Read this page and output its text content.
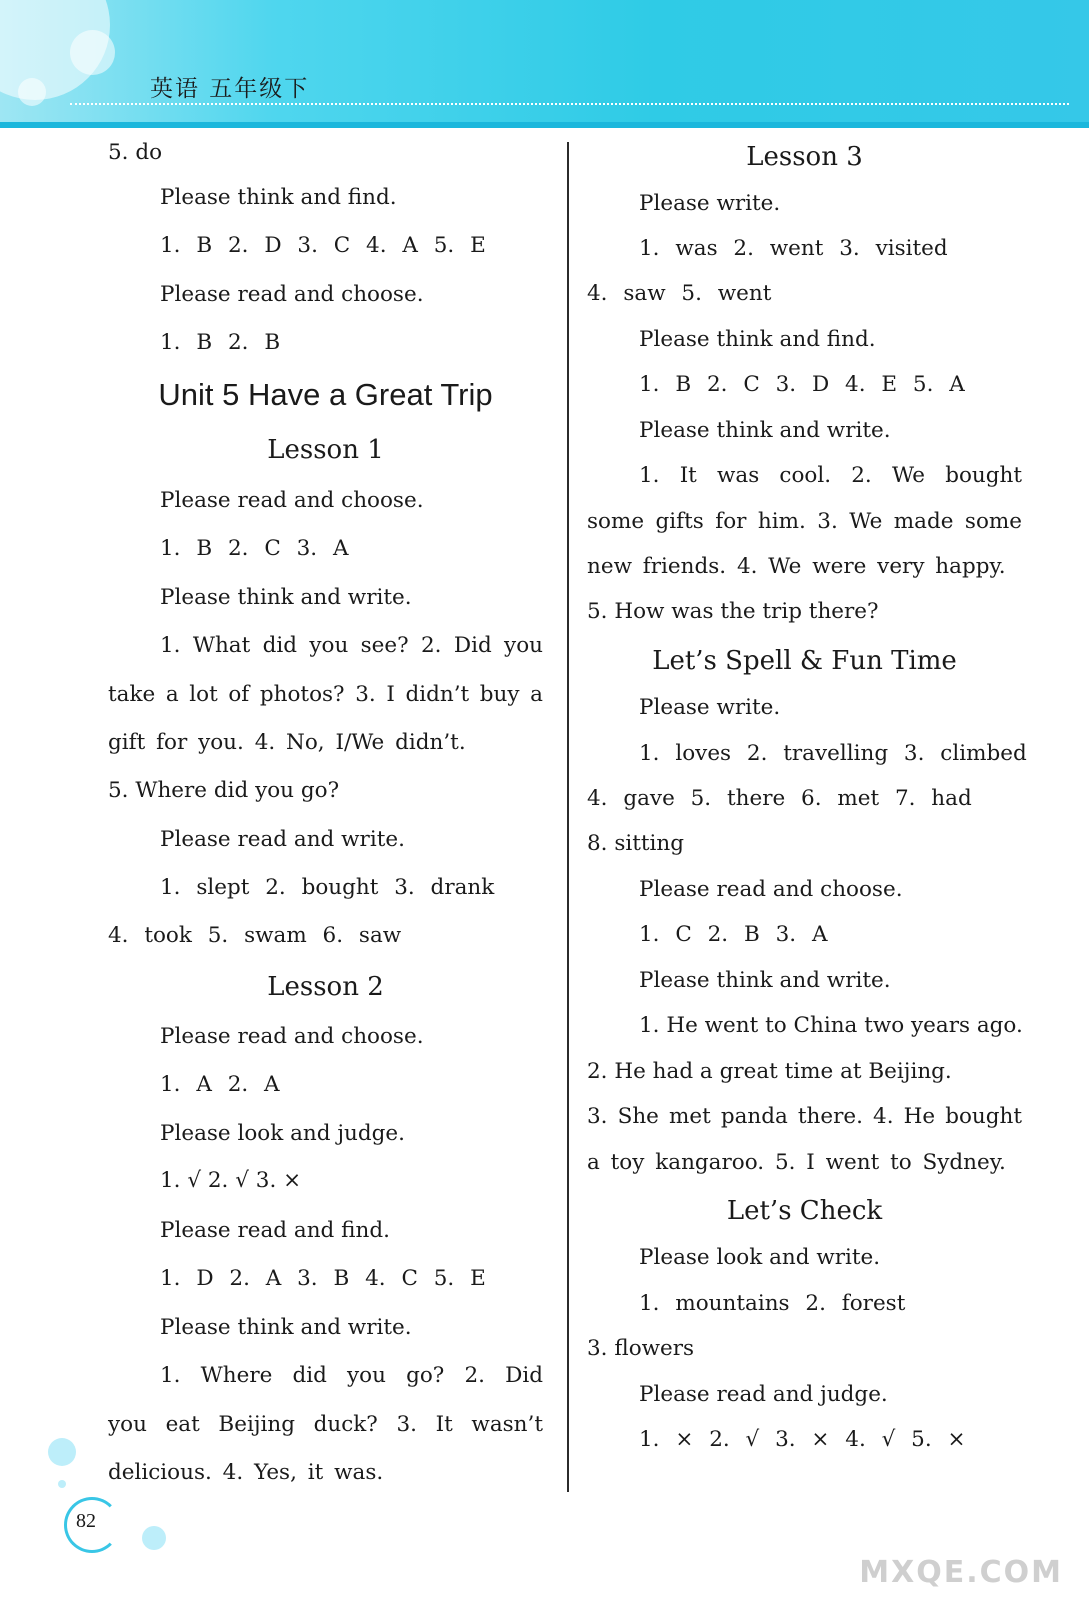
英语 五年级下
5. do
Please think and find.
1. B 2. D 3. C 4. A 5. E
Please read and choose.
1. B 2. B
Unit 5 Have a Great Trip
Lesson 1
Please read and choose.
1. B 2. C 3. A
Please think and write.
1. What did you see? 2. Did you
take a lot of photos? 3. I didn’t buy a
gift for you. 4. No, I/We didn’t.
5. Where did you go?
Please read and write.
1. slept 2. bought 3. drank
4. took 5. swam 6. saw
Lesson 2
Please read and choose.
1. A 2. A
Please look and judge.
1. √ 2. √ 3. ×
Please read and find.
1. D 2. A 3. B 4. C 5. E
Please think and write.
1. Where did you go? 2. Did
you eat Beijing duck? 3. It wasn’t
delicious. 4. Yes, it was.
Lesson 3
Please write.
1. was 2. went 3. visited
4. saw 5. went
Please think and find.
1. B 2. C 3. D 4. E 5. A
Please think and write.
1. It was cool. 2. We bought
some gifts for him. 3. We made some
new friends. 4. We were very happy.
5. How was the trip there?
Let’s Spell & Fun Time
Please write.
1. loves 2. travelling 3. climbed
4. gave 5. there 6. met 7. had
8. sitting
Please read and choose.
1. C 2. B 3. A
Please think and write.
1. He went to China two years ago.
2. He had a great time at Beijing.
3. She met panda there. 4. He bought
a toy kangaroo. 5. I went to Sydney.
Let’s Check
Please look and write.
1. mountains 2. forest
3. flowers
Please read and judge.
1. × 2. √ 3. × 4. √ 5. ×
82
MXQE.COM
